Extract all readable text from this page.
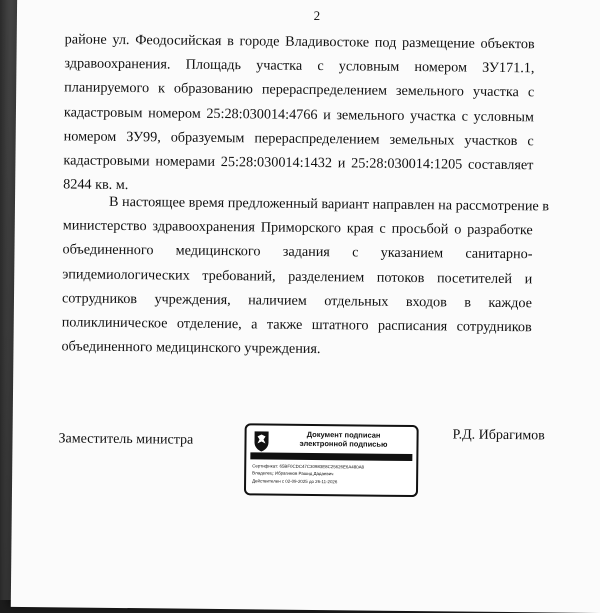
2
районе ул. Феодосийская в городе Владивостоке под размещение объектов
здравоохранения. Площадь участка с условным номером ЗУ171.1,
планируемого к образованию перераспределением земельного участка с
кадастровым номером 25:28:030014:4766 и земельного участка с условным
номером ЗУ99, образуемым перераспределением земельных участков с
кадастровыми номерами 25:28:030014:1432 и 25:28:030014:1205 составляет
8244 кв. м.
В настоящее время предложенный вариант направлен на рассмотрение в
министерство здравоохранения Приморского края с просьбой о разработке
объединенного медицинского задания с указанием санитарно-
эпидемиологических требований, разделением потоков посетителей и
сотрудников учреждения, наличием отдельных входов в каждое
поликлиническое отделение, а также штатного расписания сотрудников
объединенного медицинского учреждения.
Заместитель министра	Документ подписан
электронной подписью
Сертификат: 65BF0CDC47C30983E8C25626E6A480A8
Владелец: Ибрагимов Рашид Дадаевич
Действителен с 02-09-2025 до 26-11-2026
Р.Д. Ибрагимов
